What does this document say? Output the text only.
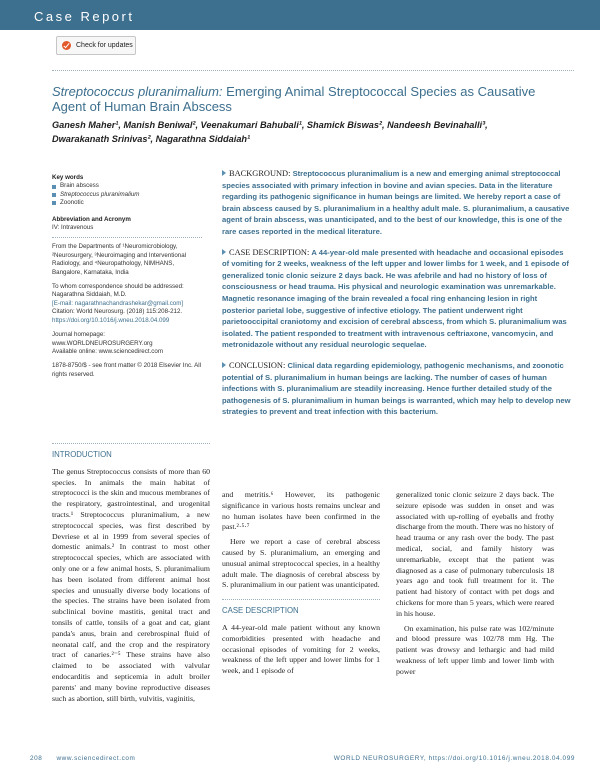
Case Report
Check for updates
Streptococcus pluranimalium: Emerging Animal Streptococcal Species as Causative Agent of Human Brain Abscess
Ganesh Maher¹, Manish Beniwal², Veenakumari Bahubali¹, Shamick Biswas², Nandeesh Bevinahalli³,
Dwarakanath Srinivas², Nagarathna Siddaiah¹
Key words
Brain abscess
Streptococcus pluranimalium
Zoonotic
Abbreviation and Acronym
IV: Intravenous
From the Departments of ¹Neuromicrobiology, ²Neurosurgery, ³Neuroimaging and Interventional Radiology, and ⁴Neuropathology, NIMHANS, Bangalore, Karnataka, India
To whom correspondence should be addressed: Nagarathna Siddaiah, M.D.
[E-mail: nagarathnachandrashekar@gmail.com]
Citation: World Neurosurg. (2018) 115:208-212.
https://doi.org/10.1016/j.wneu.2018.04.099
Journal homepage: www.WORLDNEUROSURGERY.org
Available online: www.sciencedirect.com
1878-8750/$ - see front matter © 2018 Elsevier Inc. All rights reserved.

BACKGROUND: Streptococcus pluranimalium is a new and emerging animal streptococcal species associated with primary infection in bovine and avian species. Data in the literature regarding its pathogenic significance in human beings are limited. We hereby report a case of brain abscess caused by S. pluranimalium in a healthy adult male. S. pluranimalium, a causative agent of brain abscess, was unanticipated, and to the best of our knowledge, this is one of the rare cases reported in the medical literature.

CASE DESCRIPTION: A 44-year-old male presented with headache and occasional episodes of vomiting for 2 weeks, weakness of the left upper and lower limbs for 1 week, and 1 episode of generalized tonic clonic seizure 2 days back. He was afebrile and had no history of loss of consciousness or head trauma. His physical and neurologic examination was unremarkable. Magnetic resonance imaging of the brain revealed a focal ring enhancing lesion in right posterior parietal lobe, suggestive of infective etiology. The patient underwent right parietooccipital craniotomy and excision of cerebral abscess, from which S. pluranimalium was isolated. The patient responded to treatment with intravenous ceftriaxone, vancomycin, and metronidazole without any residual neurologic sequelae.

CONCLUSION: Clinical data regarding epidemiology, pathogenic mechanisms, and zoonotic potential of S. pluranimalium in human beings are lacking. The number of cases of human infections with S. pluranimalium are steadily increasing. Hence further detailed study of the pathogenesis of S. pluranimalium in human beings is warranted, which may help to develop new strategies to prevent and treat infection with this bacterium.

INTRODUCTION

The genus Streptococcus consists of more than 60 species. In animals the main habitat of streptococci is the skin and mucous membranes of the respiratory, gastrointestinal, and urogenital tracts.¹ Streptococcus pluranimalium, a new streptococcal species, was first described by Devriese et al in 1999 from several species of domestic animals.² In contrast to most other streptococcal species, which are associated with only one or a few animal hosts, S. pluranimalium has been isolated from different animal host species and unusually diverse body locations of the species. The strains have been isolated from subclinical bovine mastitis, genital tract and tonsils of cattle, tonsils of a goat and cat, giant panda's anus, brain and cerebrospinal fluid of neonatal calf, and the crop and the respiratory tract of canaries.²⁻⁵ These strains have also claimed to be associated with valvular endocarditis and septicemia in adult broiler parents' and many bovine reproductive diseases such as abortion, still birth, vulvitis, vaginitis,

and metritis.⁶ However, its pathogenic significance in various hosts remains unclear and no human isolates have been confirmed in the past.²·⁵·⁷

Here we report a case of cerebral abscess caused by S. pluranimalium, an emerging and unusual animal streptococcal species, in a healthy adult male. The diagnosis of cerebral abscess by S. pluranimalium in our patient was unanticipated.

CASE DESCRIPTION

A 44-year-old male patient without any known comorbidities presented with headache and occasional episodes of vomiting for 2 weeks, weakness of the left upper and lower limbs for 1 week, and 1 episode of

generalized tonic clonic seizure 2 days back. The seizure episode was sudden in onset and was associated with up-rolling of eyeballs and frothy discharge from the mouth. There was no history of head trauma or any rash over the body. The past medical, social, and family history was unremarkable, except that the patient was diagnosed as a case of pulmonary tuberculosis 18 years ago and took full treatment for it. The patient had history of contact with pet dogs and chickens for more than 5 years, which were reared in his house.

On examination, his pulse rate was 102/minute and blood pressure was 102/78 mm Hg. The patient was drowsy and lethargic and had mild weakness of left upper limb and lower limb with power

208 www.sciencedirect.com	WORLD NEUROSURGERY, https://doi.org/10.1016/j.wneu.2018.04.099
